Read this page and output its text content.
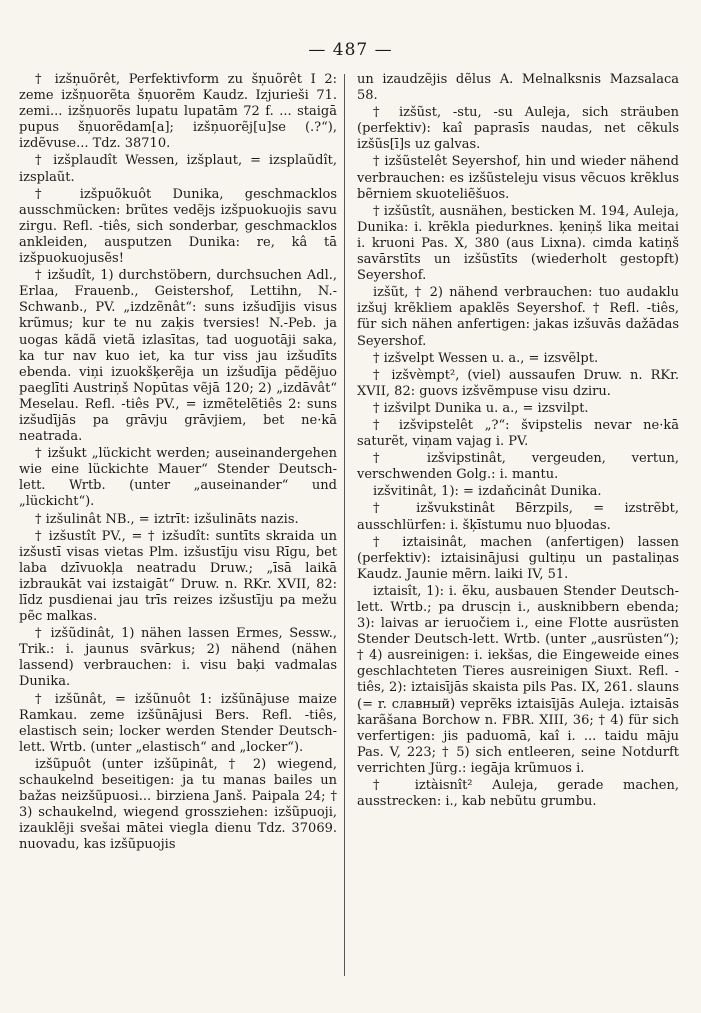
— 487 —

† izšņuõrêt, Perfektivform zu šņuõrêt I 2: zeme izšņuorẽta šņuorẽm Kaudz. Izjurieši 71. zemi... izšņuorẽs lupatu lupatām 72 f. ... staigā pupus šņuorẽdam[a]; izšņuorẽj[u]se (.?“), izdẽvuse... Tdz. 38710.

† izšplaudît Wessen, izšplaut, = izsplaũdît, izsplaũt.

† izšpuõkuôt Dunika, geschmacklos ausschmücken: brũtes vedẽjs izšpuokuojis savu zirgu. Refl. -tiês, sich sonderbar, geschmacklos ankleiden, ausputzen Dunika: re, kâ tā izšpuokuojusẽs!

† izšudît, 1) durchstöbern, durchsuchen Adl., Erlaa, Frauenb., Geistershof, Lettihn, N.-Schwanb., PV. „izdzẽnât“: suns izšudījis visus krũmus; kur te nu zaķis tversies! N.-Peb. ja uogas kãdã vietã izlasītas, tad uoguotāji saka, ka tur nav kuo iet, ka tur viss jau izšudīts ebenda. viņi izuokšķerẽja un izšudīja pẽdẽjuo paeglīti Austriņš Nopūtas vẽjā 120; 2) „izdāvât“ Meselau. Refl. -tiês PV., = izmẽtelẽtiês 2: suns izšudījās pa grāvju grāvjiem, bet ne·kā neatrada.

† izšukt „lückicht werden; auseinandergehen wie eine lückichte Mauer“ Stender Deutsch-lett. Wrtb. (unter „auseinander“ und „lückicht“).

† izšulinât NB., = iztrīt: izšulināts nazis.

† izšustît PV., = † izšudît: suntīts skraida un izšustī visas vietas Plm. izšustīju visu Rīgu, bet laba dzīvuokļa neatradu Druw.; „īsā laikā izbraukāt vai izstaigāt“ Druw. n. RKr. XVII, 82: līdz pusdienai jau trīs reizes izšustīju pa mežu pẽc malkas.

† izšũdinât, 1) nähen lassen Ermes, Sessw., Trik.: i. jaunus svārkus; 2) nähend (nähen lassend) verbrauchen: i. visu baķi vadmalas Dunika.

† izšũnât, = izšũnuôt 1: izšũnājuse maize Ramkau. zeme izšũnājusi Bers. Refl. -tiês, elastisch sein; locker werden Stender Deutsch-lett. Wrtb. (unter „elastisch“ and „locker“).

izšũpuôt (unter izšũpinât, † 2) wiegend, schaukelnd beseitigen: ja tu manas bailes un bažas neizšũpuosi... birziena Janš. Paipala 24; † 3) schaukelnd, wiegend grossziehen: izšũpuoji, izauklẽji svešai mātei viegla dienu Tdz. 37069. nuovadu, kas izšũpuojis

un izaudzẽjis dẽlus A. Melnalksnis Mazsalaca 58.

† izšũst, -stu, -su Auleja, sich sträuben (perfektiv): kaî paprasīs naudas, net cẽkuls izšũs[ī]s uz galvas.

† izšũstelêt Seyershof, hin und wieder nähend verbrauchen: es izšũsteleju visus vẽcuos krẽklus bẽrniem skuoteliẽšuos.

† izšũstît, ausnähen, besticken M. 194, Auleja, Dunika: i. krẽkla piedurknes. ķeniņš lika meitai i. kruoni Pas. X, 380 (aus Lixna). cimda katiņš savārstīts un izšũstīts (wiederholt gestopft) Seyershof.

izšũt, † 2) nähend verbrauchen: tuo audaklu izšuj krẽkliem apaklẽs Seyershof. † Refl. -tiês, für sich nähen anfertigen: jakas izšuvās dažādas Seyershof.

† izšvelpt Wessen u. a., = izsvẽlpt.

† izšvèmpt², (viel) aussaufen Druw. n. RKr. XVII, 82: guovs izšvẽmpuse visu dziru.

† izšvilpt Dunika u. a., = izsvilpt.

† izšvipstelêt „?“: švipstelis nevar ne·kā saturẽt, viņam vajag i. PV.

† izšvipstinât, vergeuden, vertun, verschwenden Golg.: i. mantu.

izšvitinât, 1): = izdaňcinât Dunika.

† izšvukstinât Bērzpils, = izstrẽbt, ausschlürfen: i. šķīstumu nuo bļuodas.

† iztaisinât, machen (anfertigen) lassen (perfektiv): iztaisinājusi gultiņu un pastaliņas Kaudz. Jaunie mẽrn. laiki IV, 51.

iztaisît, 1): i. ẽku, ausbauen Stender Deutsch-lett. Wrtb.; pa druscịn i., ausknibbern ebenda; 3): laivas ar ieruočiem i., eine Flotte ausrüsten Stender Deutsch-lett. Wrtb. (unter „ausrüsten“); † 4) ausreinigen: i. iekšas, die Eingeweide eines geschlachteten Tieres ausreinigen Siuxt. Refl. -tiês, 2): iztaisījās skaista pils Pas. IX, 261. slauns (= r. славный) veprẽks iztaisījās Auleja. iztaisās karãšana Borchow n. FBR. XIII, 36; † 4) für sich verfertigen: jis paduomā, kaî i. ... taidu māju Pas. V, 223; † 5) sich entleeren, seine Notdurft verrichten Jürg.: iegāja krũmuos i.

† iztàisnît² Auleja, gerade machen, ausstrecken: i., kab nebũtu grumbu.
